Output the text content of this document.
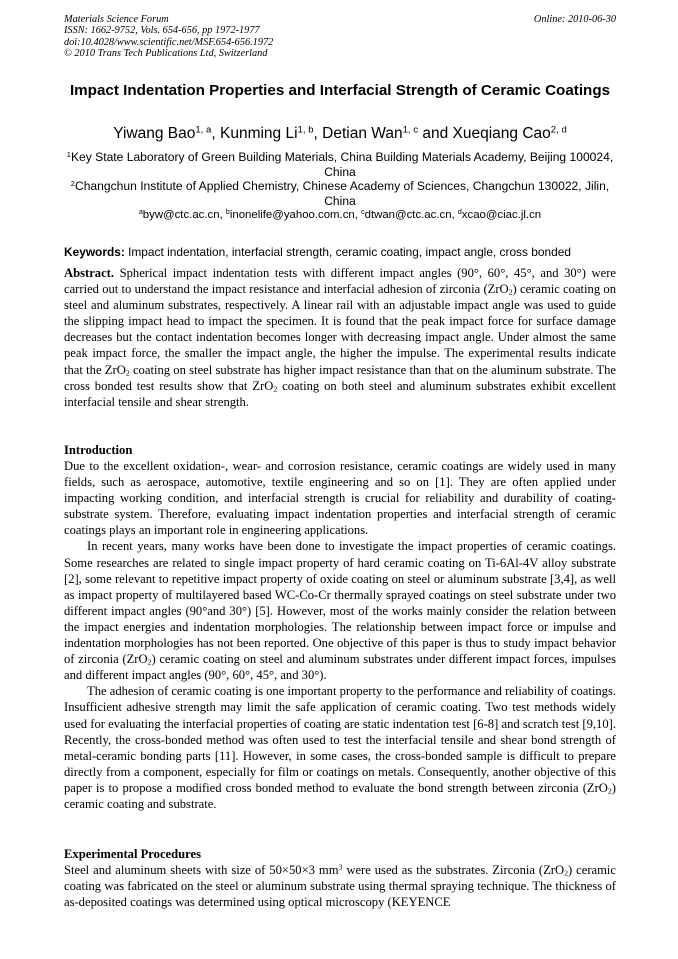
Materials Science Forum
ISSN: 1662-9752, Vols. 654-656, pp 1972-1977
doi:10.4028/www.scientific.net/MSF.654-656.1972
© 2010 Trans Tech Publications Ltd, Switzerland
Online: 2010-06-30
Impact Indentation Properties and Interfacial Strength of Ceramic Coatings
Yiwang Bao$^{1, a}$, Kunming Li$^{1, b}$, Detian Wan$^{1, c}$ and Xueqiang Cao$^{2, d}$
$^1$Key State Laboratory of Green Building Materials, China Building Materials Academy, Beijing 100024, China
$^2$Changchun Institute of Applied Chemistry, Chinese Academy of Sciences, Changchun 130022, Jilin, China
$^a$byw@ctc.ac.cn, $^b$inonelife@yahoo.com.cn, $^c$dtwan@ctc.ac.cn, $^d$xcao@ciac.jl.cn
Keywords: Impact indentation, interfacial strength, ceramic coating, impact angle, cross bonded
Abstract. Spherical impact indentation tests with different impact angles (90°, 60°, 45°, and 30°) were carried out to understand the impact resistance and interfacial adhesion of zirconia (ZrO$_2$) ceramic coating on steel and aluminum substrates, respectively. A linear rail with an adjustable impact angle was used to guide the slipping impact head to impact the specimen. It is found that the peak impact force for surface damage decreases but the contact indentation becomes longer with decreasing impact angle. Under almost the same peak impact force, the smaller the impact angle, the higher the impulse. The experimental results indicate that the ZrO$_2$ coating on steel substrate has higher impact resistance than that on the aluminum substrate. The cross bonded test results show that ZrO$_2$ coating on both steel and aluminum substrates exhibit excellent interfacial tensile and shear strength.
Introduction

Due to the excellent oxidation-, wear- and corrosion resistance, ceramic coatings are widely used in many fields, such as aerospace, automotive, textile engineering and so on [1]. They are often applied under impacting working condition, and interfacial strength is crucial for reliability and durability of coating-substrate system. Therefore, evaluating impact indentation properties and interfacial strength of ceramic coatings plays an important role in engineering applications.

In recent years, many works have been done to investigate the impact properties of ceramic coatings. Some researches are related to single impact property of hard ceramic coating on Ti-6Al-4V alloy substrate [2], some relevant to repetitive impact property of oxide coating on steel or aluminum substrate [3,4], as well as impact property of multilayered based WC-Co-Cr thermally sprayed coatings on steel substrate under two different impact angles (90°and 30°) [5]. However, most of the works mainly consider the relation between the impact energies and indentation morphologies. The relationship between impact force or impulse and indentation morphologies has not been reported. One objective of this paper is thus to study impact behavior of zirconia (ZrO$_2$) ceramic coating on steel and aluminum substrates under different impact forces, impulses and different impact angles (90°, 60°, 45°, and 30°).

The adhesion of ceramic coating is one important property to the performance and reliability of coatings. Insufficient adhesive strength may limit the safe application of ceramic coating. Two test methods widely used for evaluating the interfacial properties of coating are static indentation test [6-8] and scratch test [9,10]. Recently, the cross-bonded method was often used to test the interfacial tensile and shear bond strength of metal-ceramic bonding parts [11]. However, in some cases, the cross-bonded sample is difficult to prepare directly from a component, especially for film or coatings on metals. Consequently, another objective of this paper is to propose a modified cross bonded method to evaluate the bond strength between zirconia (ZrO$_2$) ceramic coating and substrate.

Experimental Procedures
Steel and aluminum sheets with size of 50×50×3 $mm^3$ were used as the substrates. Zirconia (ZrO$_2$) ceramic coating was fabricated on the steel or aluminum substrate using thermal spraying technique. The thickness of as-deposited coatings was determined using optical microscopy (KEYENCE
